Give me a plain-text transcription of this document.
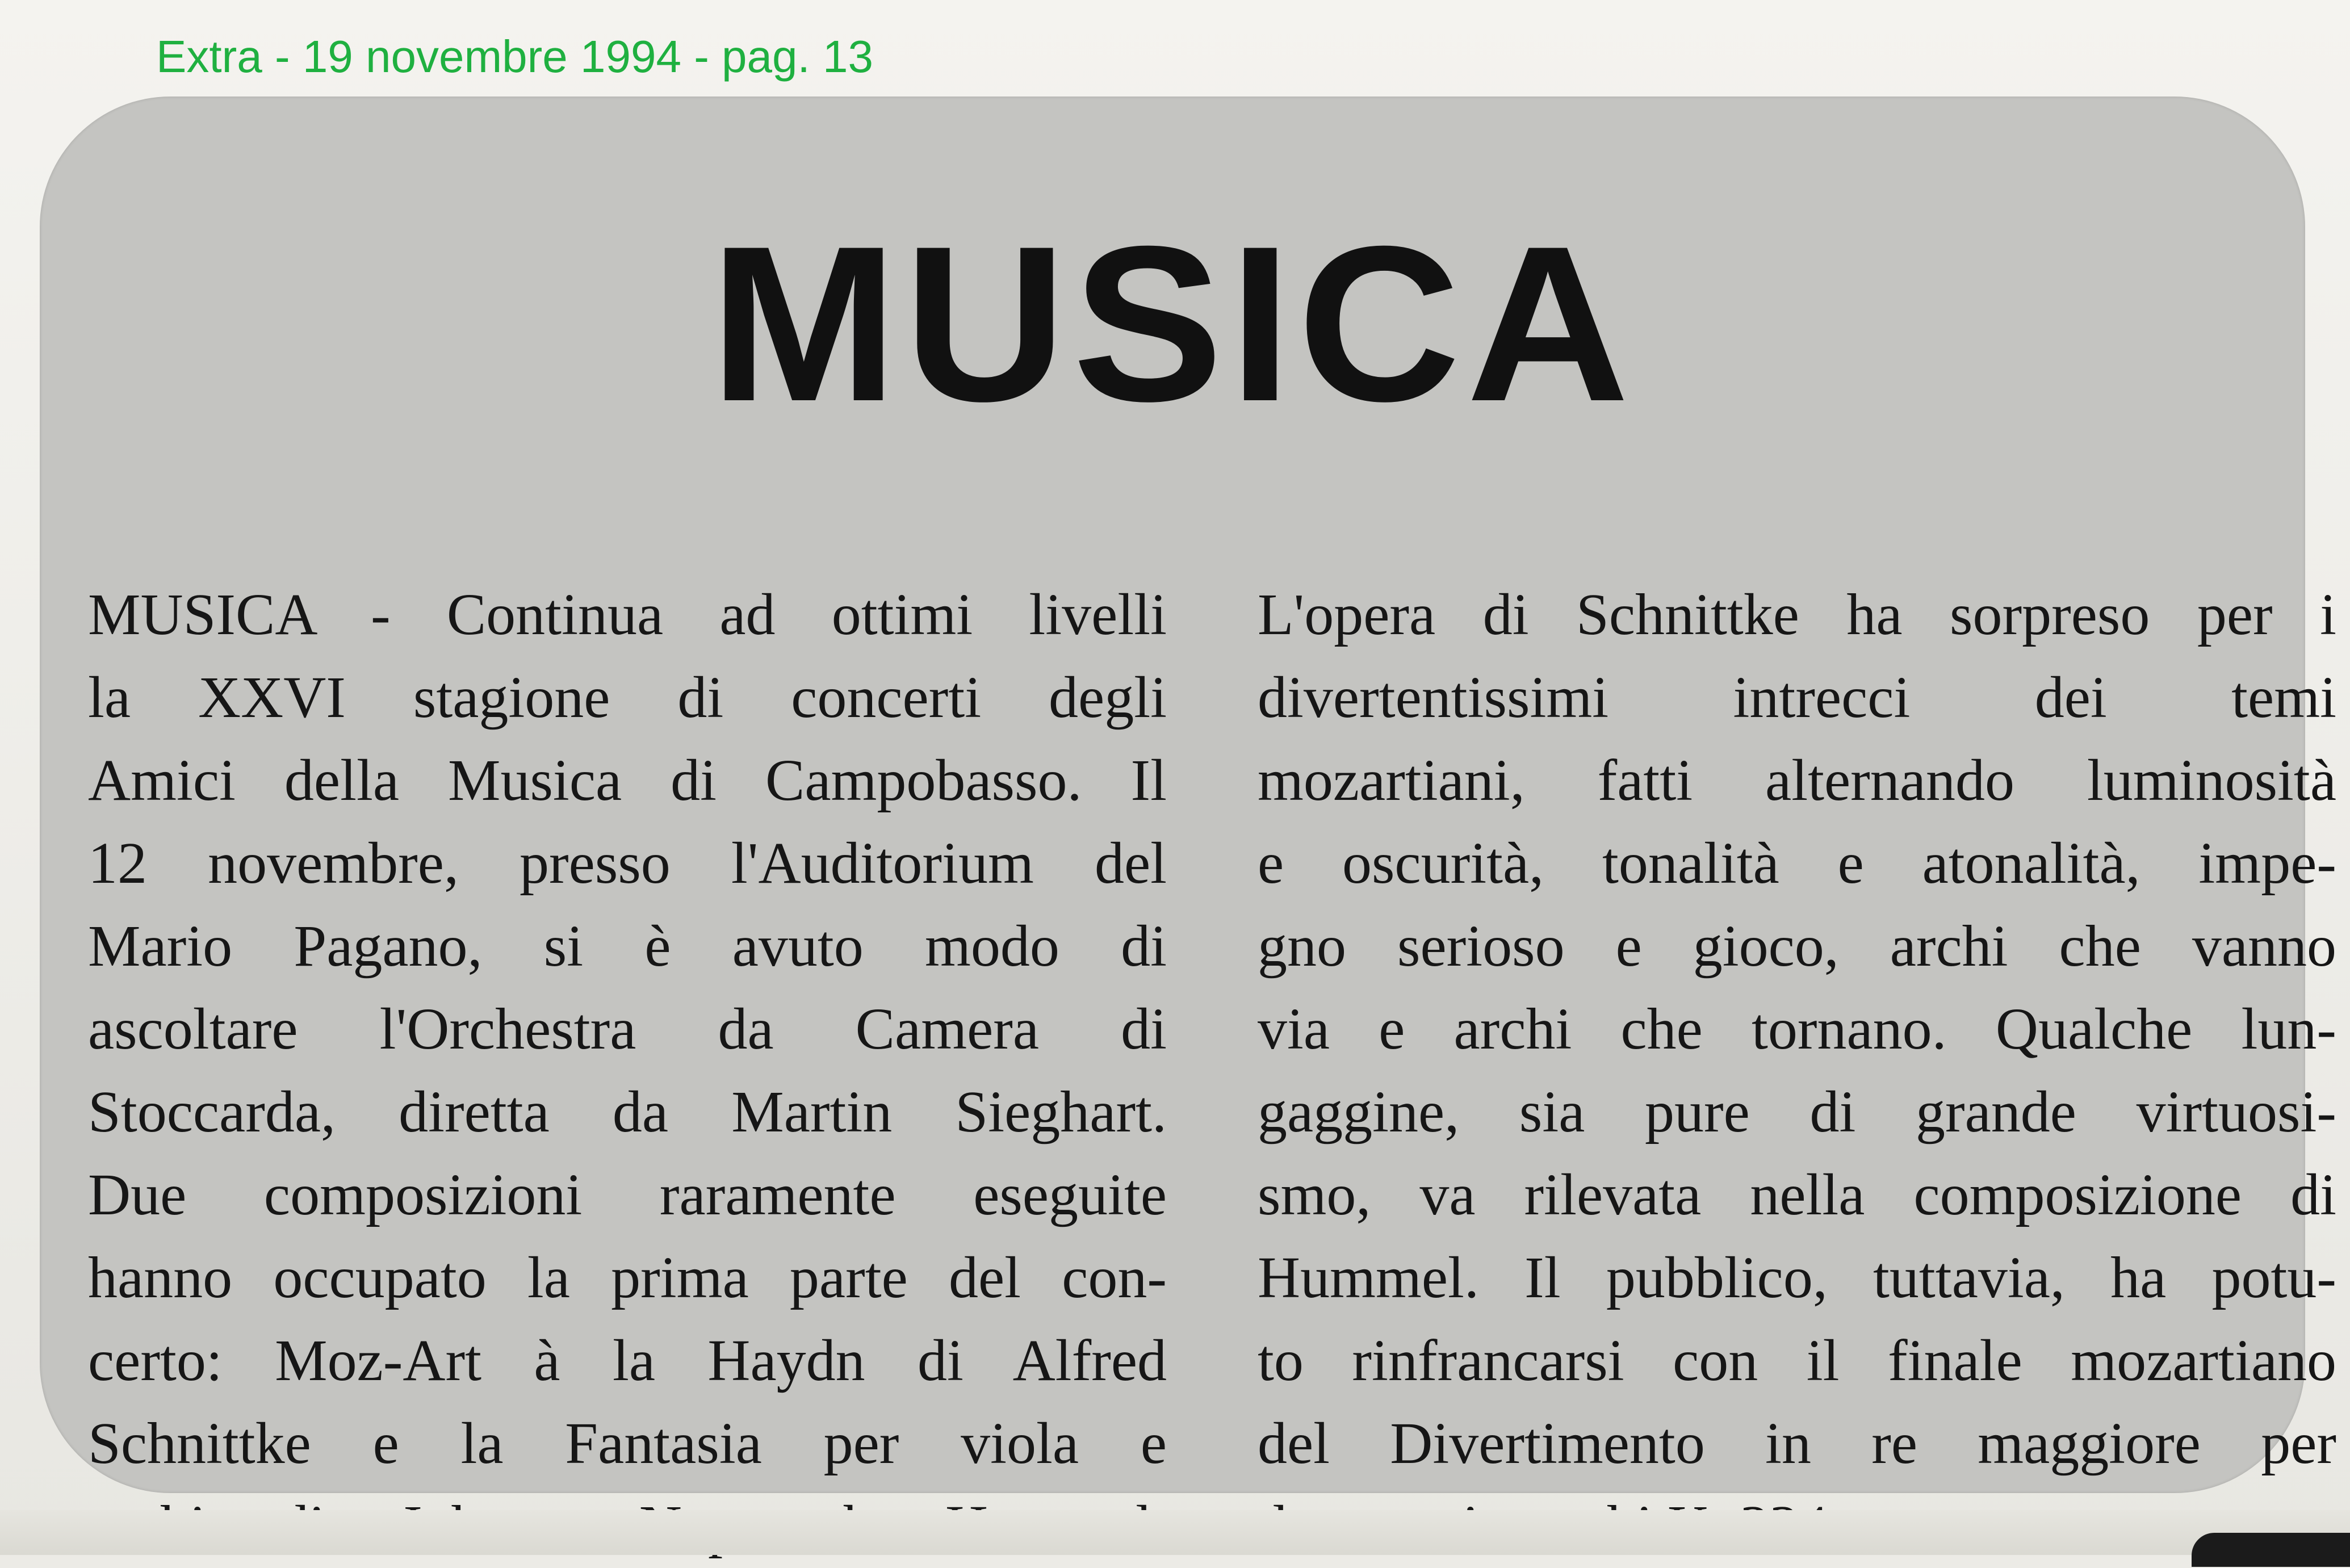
Extra - 19 novembre 1994 - pag. 13
MUSICA
MUSICA - Continua ad ottimi livelli
la XXVI stagione di concerti degli
Amici della Musica di Campobasso. Il
12 novembre, presso l'Auditorium del
Mario Pagano, si è avuto modo di
ascoltare l'Orchestra da Camera di
Stoccarda, diretta da Martin Sieghart.
Due composizioni raramente eseguite
hanno occupato la prima parte del con-
certo: Moz-Art à la Haydn di Alfred
Schnittke e la Fantasia per viola e
L'opera di Schnittke ha sorpreso per i
divertentissimi intrecci dei temi
mozartiani, fatti alternando luminosità
e oscurità, tonalità e atonalità, impe-
gno serioso e gioco, archi che vanno
via e archi che tornano. Qualche lun-
gaggine, sia pure di grande virtuosi-
smo, va rilevata nella composizione di
Hummel. Il pubblico, tuttavia, ha potu-
to rinfrancarsi con il finale mozartiano
del Divertimento in re maggiore per
